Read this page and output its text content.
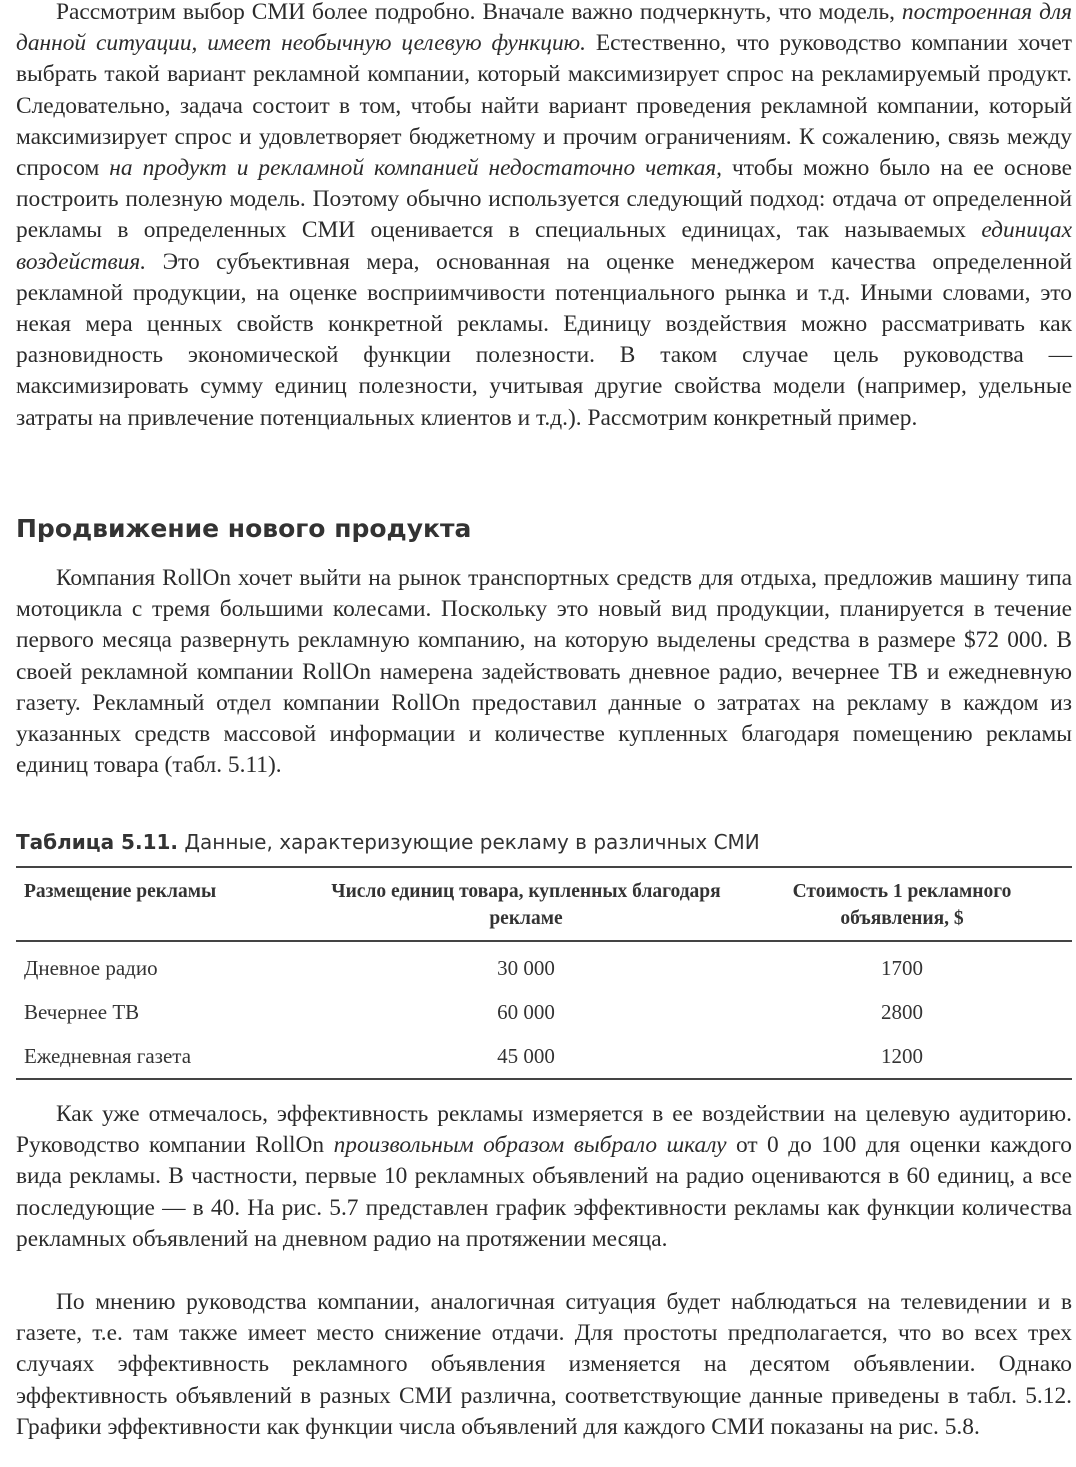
Рассмотрим выбор СМИ более подробно. Вначале важно подчеркнуть, что модель, построенная для данной ситуации, имеет необычную целевую функцию. Естественно, что руководство компании хочет выбрать такой вариант рекламной компании, который максимизирует спрос на рекламируемый продукт. Следовательно, задача состоит в том, чтобы найти вариант проведения рекламной компании, который максимизирует спрос и удовлетворяет бюджетному и прочим ограничениям. К сожалению, связь между спросом на продукт и рекламной компанией недостаточно четкая, чтобы можно было на ее основе построить полезную модель. Поэтому обычно используется следующий подход: отдача от определенной рекламы в определенных СМИ оценивается в специальных единицах, так называемых единицах воздействия. Это субъективная мера, основанная на оценке менеджером качества определенной рекламной продукции, на оценке восприимчивости потенциального рынка и т.д. Иными словами, это некая мера ценных свойств конкретной рекламы. Единицу воздействия можно рассматривать как разновидность экономической функции полезности. В таком случае цель руководства — максимизировать сумму единиц полезности, учитывая другие свойства модели (например, удельные затраты на привлечение потенциальных клиентов и т.д.). Рассмотрим конкретный пример.

Продвижение нового продукта

Компания RollOn хочет выйти на рынок транспортных средств для отдыха, предложив машину типа мотоцикла с тремя большими колесами. Поскольку это новый вид продукции, планируется в течение первого месяца развернуть рекламную компанию, на которую выделены средства в размере $72 000. В своей рекламной компании RollOn намерена задействовать дневное радио, вечернее ТВ и ежедневную газету. Рекламный отдел компании RollOn предоставил данные о затратах на рекламу в каждом из указанных средств массовой информации и количестве купленных благодаря помещению рекламы единиц товара (табл. 5.11).

Таблица 5.11. Данные, характеризующие рекламу в различных СМИ

Размещение рекламы	Число единиц товара, купленных благодаря рекламе	Стоимость 1 рекламного объявления, $
Дневное радио	30 000	1700
Вечернее ТВ	60 000	2800
Ежедневная газета	45 000	1200

Как уже отмечалось, эффективность рекламы измеряется в ее воздействии на целевую аудиторию. Руководство компании RollOn произвольным образом выбрало шкалу от 0 до 100 для оценки каждого вида рекламы. В частности, первые 10 рекламных объявлений на радио оцениваются в 60 единиц, а все последующие — в 40. На рис. 5.7 представлен график эффективности рекламы как функции количества рекламных объявлений на дневном радио на протяжении месяца.

По мнению руководства компании, аналогичная ситуация будет наблюдаться на телевидении и в газете, т.е. там также имеет место снижение отдачи. Для простоты предполагается, что во всех трех случаях эффективность рекламного объявления изменяется на десятом объявлении. Однако эффективность объявлений в разных СМИ различна, соответствующие данные приведены в табл. 5.12. Графики эффективности как функции числа объявлений для каждого СМИ показаны на рис. 5.8.
